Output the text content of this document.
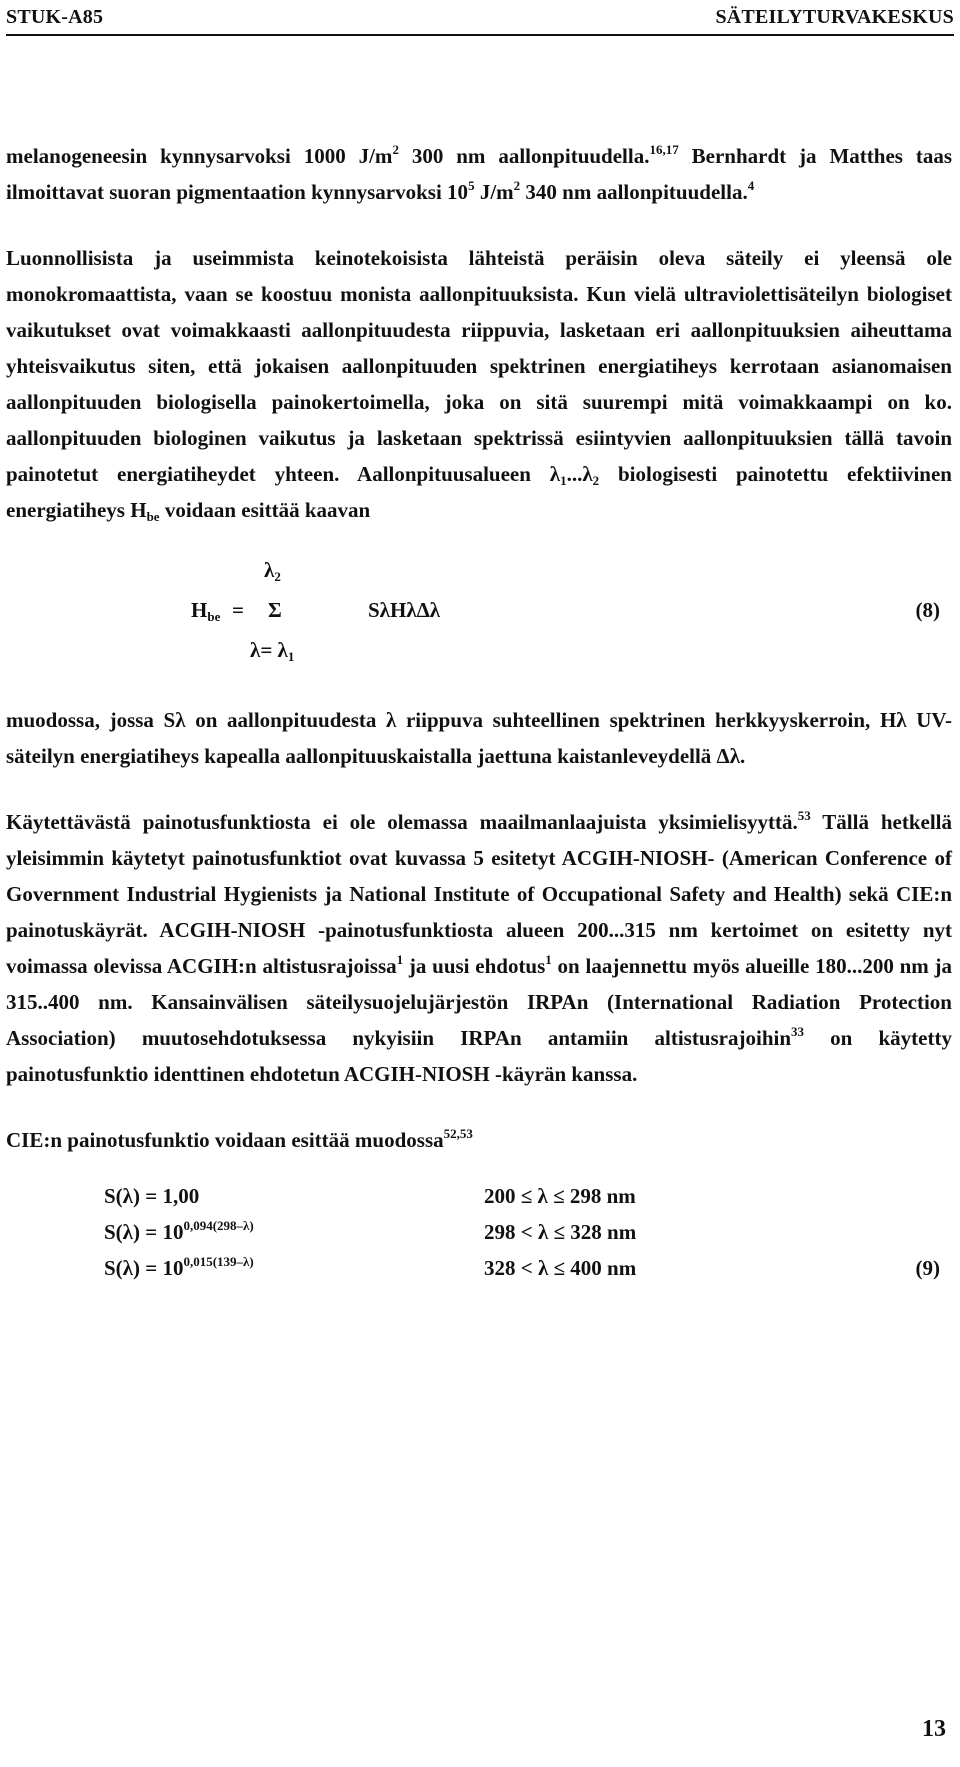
STUK-A85	SÄTEILYTURVAKESKUS

melanogeneesin kynnysarvoksi 1000 $J/m^2$ 300 nm aallonpituudella.$^{16,17}$ Bernhardt ja Matthes taas ilmoittavat suoran pigmentaation kynnysarvoksi $10^5$ $J/m^2$ 340 nm aallonpituudella.$^4$

Luonnollisista ja useimmista keinotekoisista lähteistä peräisin oleva säteily ei yleensä ole monokromaattista, vaan se koostuu monista aallonpituuksista. Kun vielä ultraviolettisäteilyn biologiset vaikutukset ovat voimakkaasti aallonpituudesta riippuvia, lasketaan eri aallonpituuksien aiheuttama yhteisvaikutus siten, että jokaisen aallonpituuden spektrinen energiatiheys kerrotaan asianomaisen aallonpituuden biologisella painokertoimella, joka on sitä suurempi mitä voimakkaampi on ko. aallonpituuden biologinen vaikutus ja lasketaan spektrissä esiintyvien aallonpituuksien tällä tavoin painotetut energiatiheydet yhteen. Aallonpituusalueen $\lambda_1...\lambda_2$ biologisesti painotettu efektiivinen energiatiheys $H_{be}$ voidaan esittää kaavan

$\lambda_2$
$H_{be} = \Sigma$	SλHλΔλ	(8)
$\lambda= \lambda_1$

muodossa, jossa Sλ on aallonpituudesta λ riippuva suhteellinen spektrinen herkkyyskerroin, Hλ UV-säteilyn energiatiheys kapealla aallonpituuskaistalla jaettuna kaistanleveydellä Δλ.

Käytettävästä painotusfunktiosta ei ole olemassa maailmanlaajuista yksimielisyyttä.$^{53}$ Tällä hetkellä yleisimmin käytetyt painotusfunktiot ovat kuvassa 5 esitetyt ACGIH-NIOSH- (American Conference of Government Industrial Hygienists ja National Institute of Occupational Safety and Health) sekä CIE:n painotuskäyrät. ACGIH-NIOSH -painotusfunktiosta alueen 200...315 nm kertoimet on esitetty nyt voimassa olevissa ACGIH:n altistusrajoissa$^1$ ja uusi ehdotus$^1$ on laajennettu myös alueille 180...200 nm ja 315..400 nm. Kansainvälisen säteilysuojelujärjestön IRPAn (International Radiation Protection Association) muutosehdotuksessa nykyisiin IRPAn antamiin altistusrajoihin$^{33}$ on käytetty painotusfunktio identtinen ehdotetun ACGIH-NIOSH -käyrän kanssa.

CIE:n painotusfunktio voidaan esittää muodossa$^{52,53}$

S(λ) = 1,00	200 ≤ λ ≤ 298 nm
$S(\lambda) = 10^{0,094(298-\lambda)}$	298 < λ ≤ 328 nm
$S(\lambda) = 10^{0,015(139-\lambda)}$	328 < λ ≤ 400 nm	(9)
13
